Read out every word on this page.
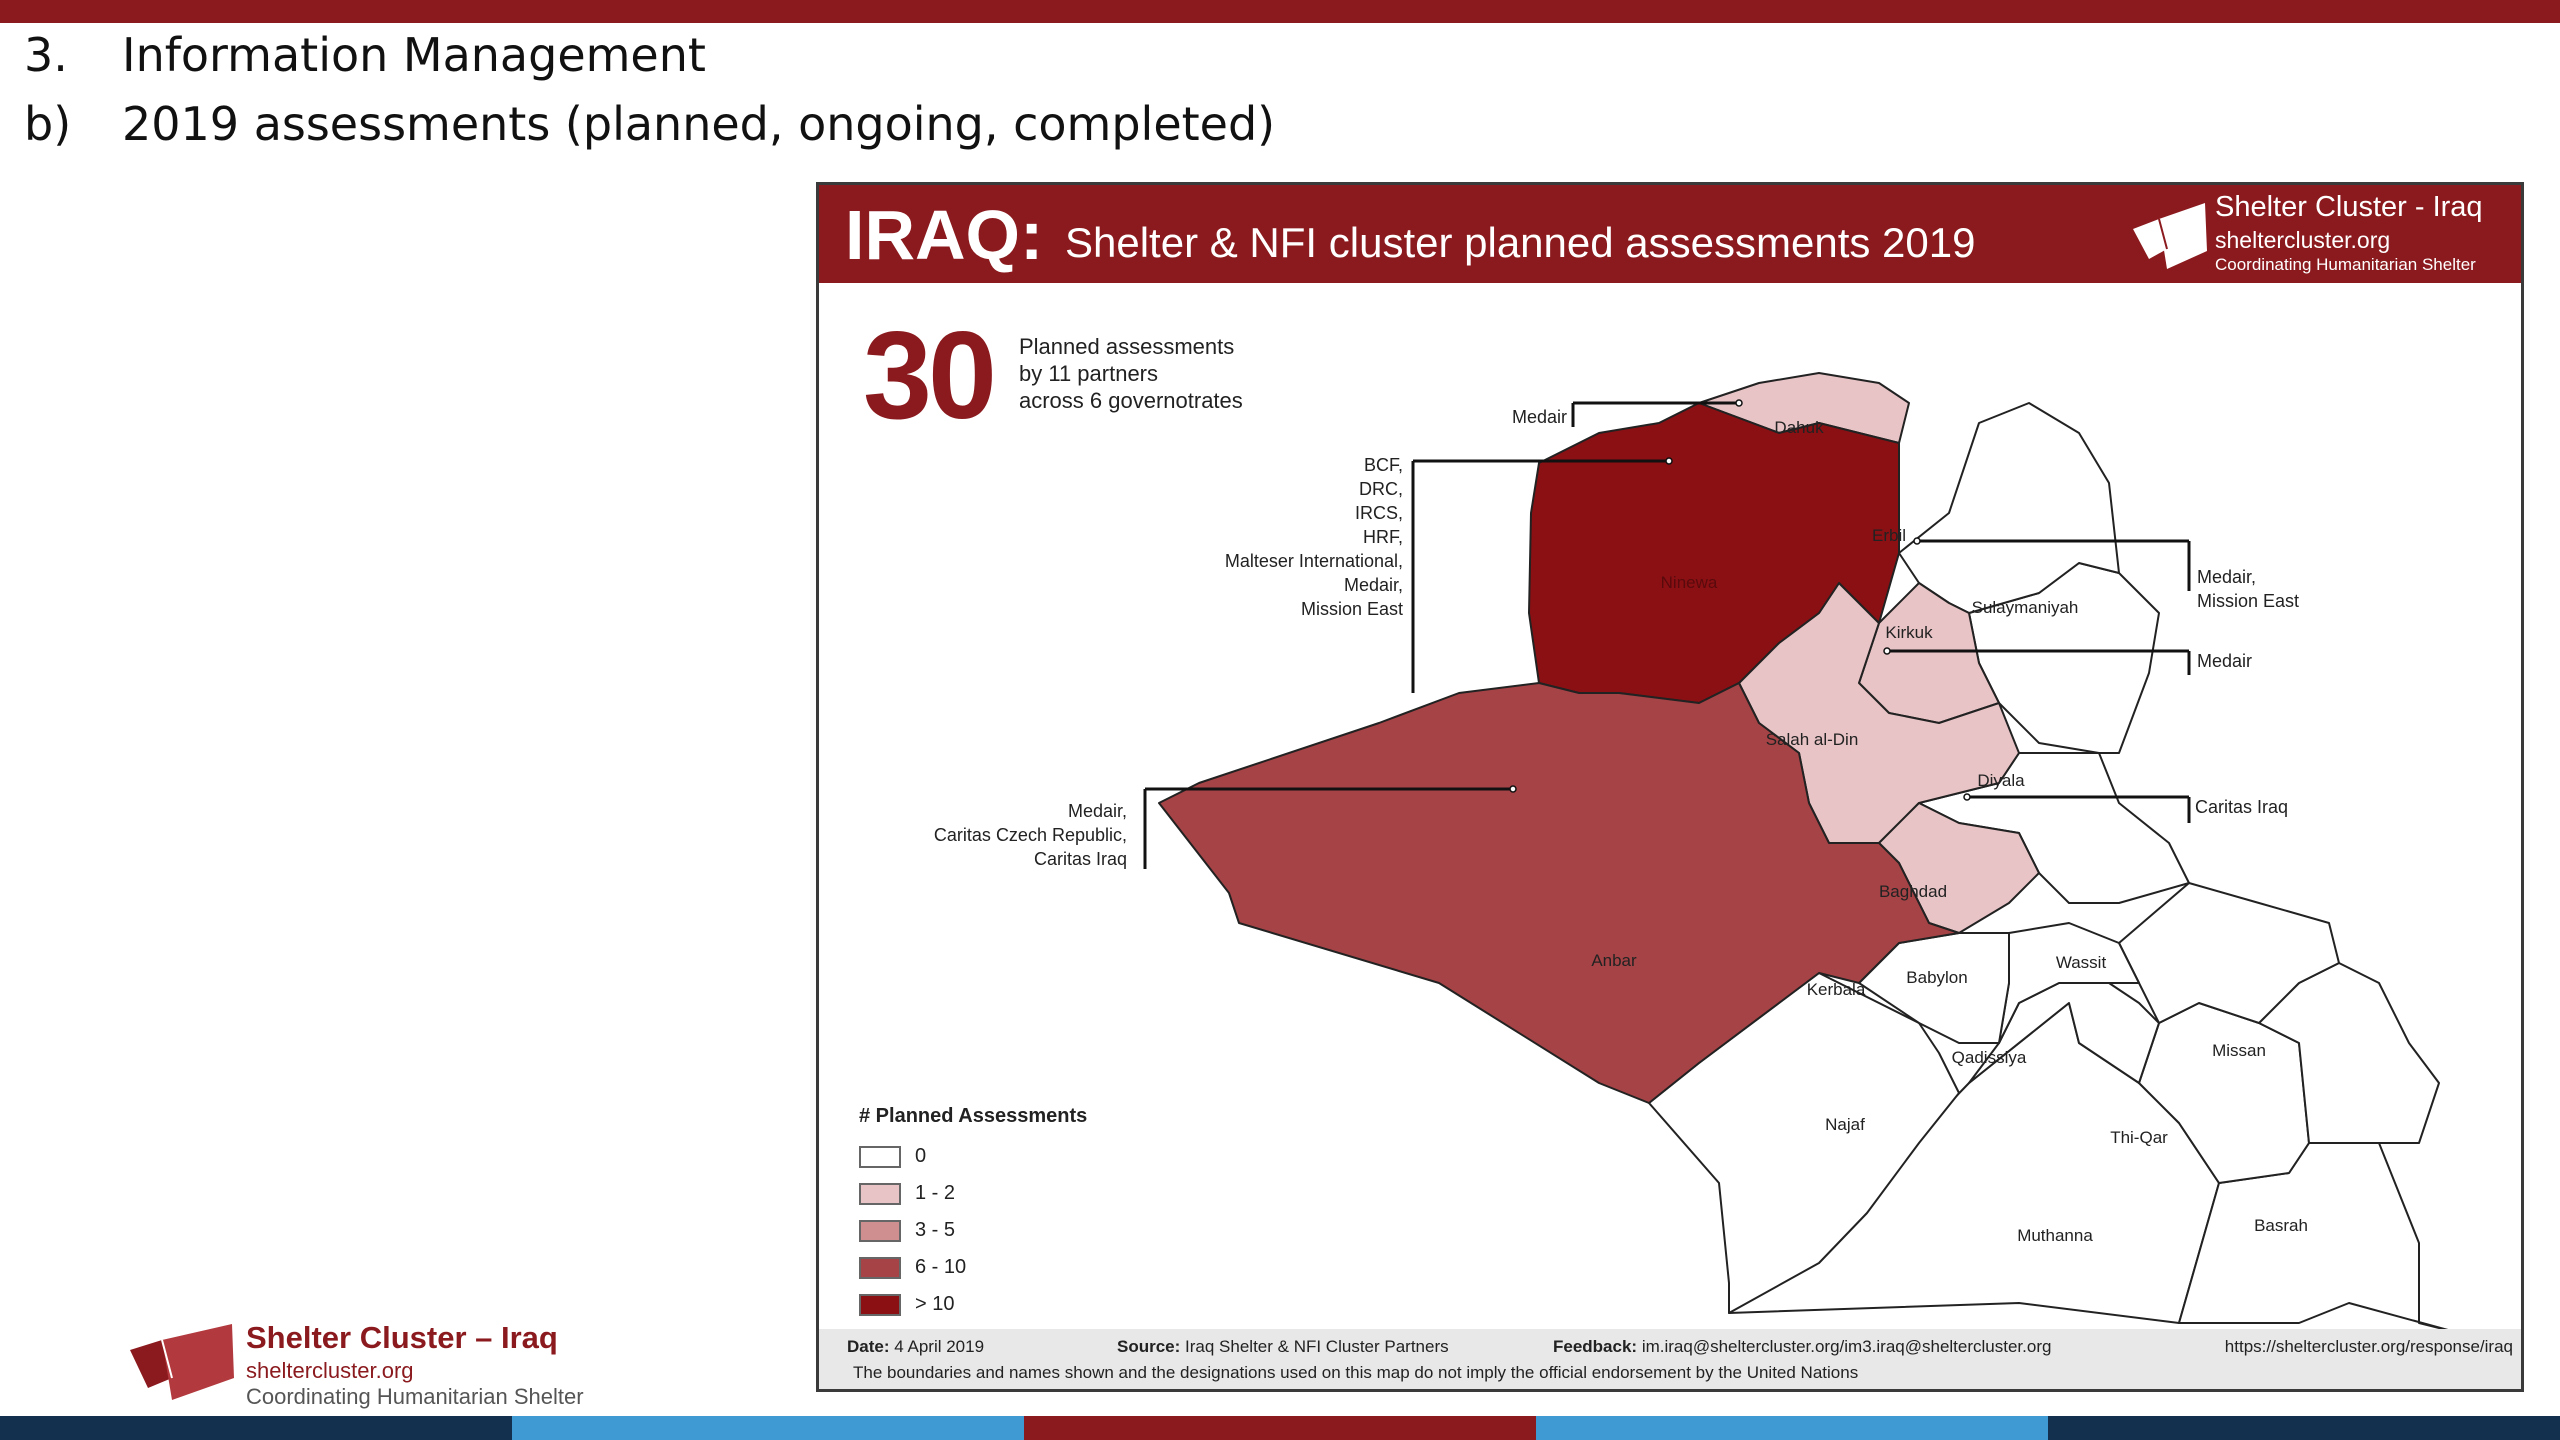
3. Information Management
b) 2019 assessments (planned, ongoing, completed)
IRAQ: Shelter & NFI cluster planned assessments 2019
Shelter Cluster - Iraq
sheltercluster.org
Coordinating Humanitarian Shelter
30 Planned assessments
by 11 partners
across 6 governotrates
Dahuk
Ninewa
Erbil
Sulaymaniyah
Kirkuk
Salah al-Din
Diyala
Baghdad
Anbar
Kerbala
Babylon
Wassit
Qadissiya	Missan
Najaf
Thi-Qar
Basrah
Muthanna
Medair
BCF,
DRC,
IRCS,
HRF,
Malteser International,
Medair,
Mission East
Medair,
Mission East
Medair
Caritas Iraq
Medair,
Caritas Czech Republic,
Caritas Iraq
# Planned Assessments
0
1 - 2
3 - 5
6 - 10
> 10
Date: 4 April 2019	Source: Iraq Shelter & NFI Cluster Partners	Feedback: im.iraq@sheltercluster.org/im3.iraq@sheltercluster.org	https://sheltercluster.org/response/iraq
The boundaries and names shown and the designations used on this map do not imply the official endorsement by the United Nations
Shelter Cluster – Iraq
sheltercluster.org
Coordinating Humanitarian Shelter
